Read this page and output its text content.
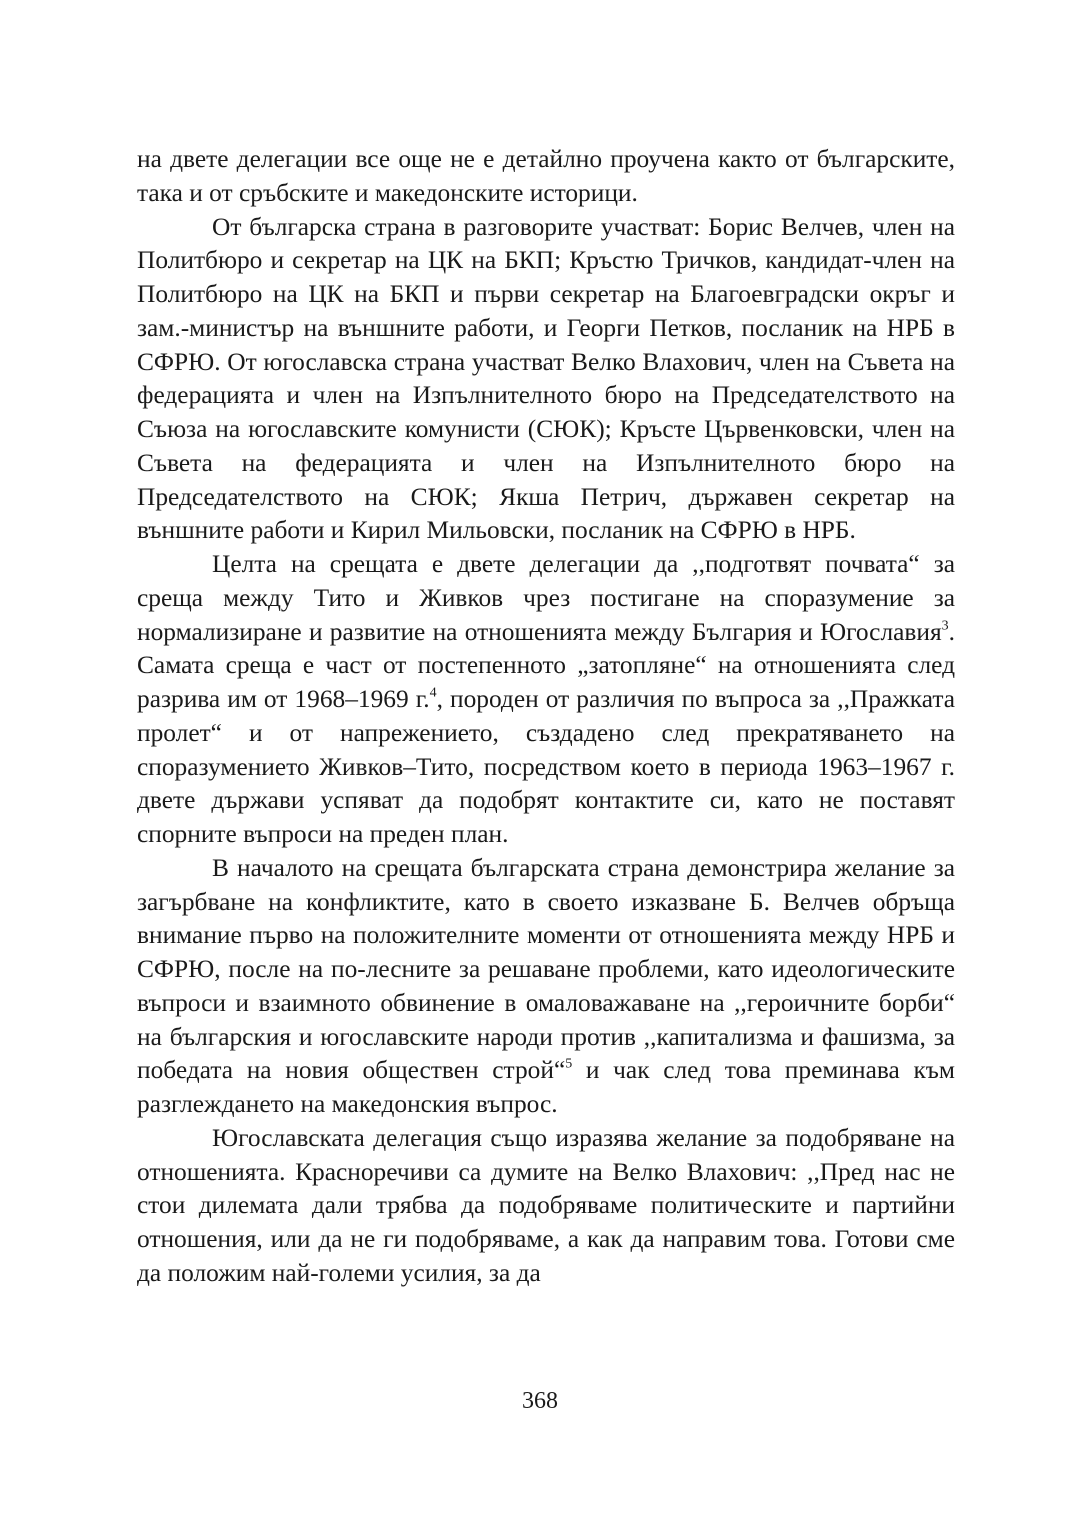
на двете делегации все още не е детайлно проучена както от българските, така и от сръбските и македонските историци.

От българска страна в разговорите участват: Борис Велчев, член на Политбюро и секретар на ЦК на БКП; Кръстю Тричков, кандидат-член на Политбюро на ЦК на БКП и първи секретар на Благоевградски окръг и зам.-министър на външните работи, и Георги Петков, посланик на НРБ в СФРЮ. От югославска страна участват Велко Влахович, член на Съвета на федерацията и член на Изпълнителното бюро на Председателството на Съюза на югославските комунисти (СЮК); Кръсте Цървенковски, член на Съвета на федерацията и член на Изпълнителното бюро на Председателството на СЮК; Якша Петрич, държавен секретар на външните работи и Кирил Мильовски, посланик на СФРЮ в НРБ.

Целта на срещата е двете делегации да ,,подготвят почвата“ за среща между Тито и Живков чрез постигане на споразумение за нормализиране и развитие на отношенията между България и Югославия$^3$. Самата среща е част от постепенното „затопляне“ на отношенията след разрива им от 1968–1969 г.$^4$, породен от различия по въпроса за ,,Пражката пролет“ и от напрежението, създадено след прекратяването на споразумението Живков–Тито, посредством което в периода 1963–1967 г. двете държави успяват да подобрят контактите си, като не поставят спорните въпроси на преден план.

В началото на срещата българската страна демонстрира желание за загърбване на конфликтите, като в своето изказване Б. Велчев обръща внимание първо на положителните моменти от отношенията между НРБ и СФРЮ, после на по-лесните за решаване проблеми, като идеологическите въпроси и взаимното обвинение в омаловажаване на ,,героичните борби“ на българския и югославските народи против ,,капитализма и фашизма, за победата на новия обществен строй“$^5$ и чак след това преминава към разглеждането на македонския въпрос.

Югославската делегация също изразява желание за подобряване на отношенията. Красноречиви са думите на Велко Влахович: ,,Пред нас не стои дилемата дали трябва да подобряваме политическите и партийни отношения, или да не ги подобряваме, а как да направим това. Готови сме да положим най-големи усилия, за да

368
